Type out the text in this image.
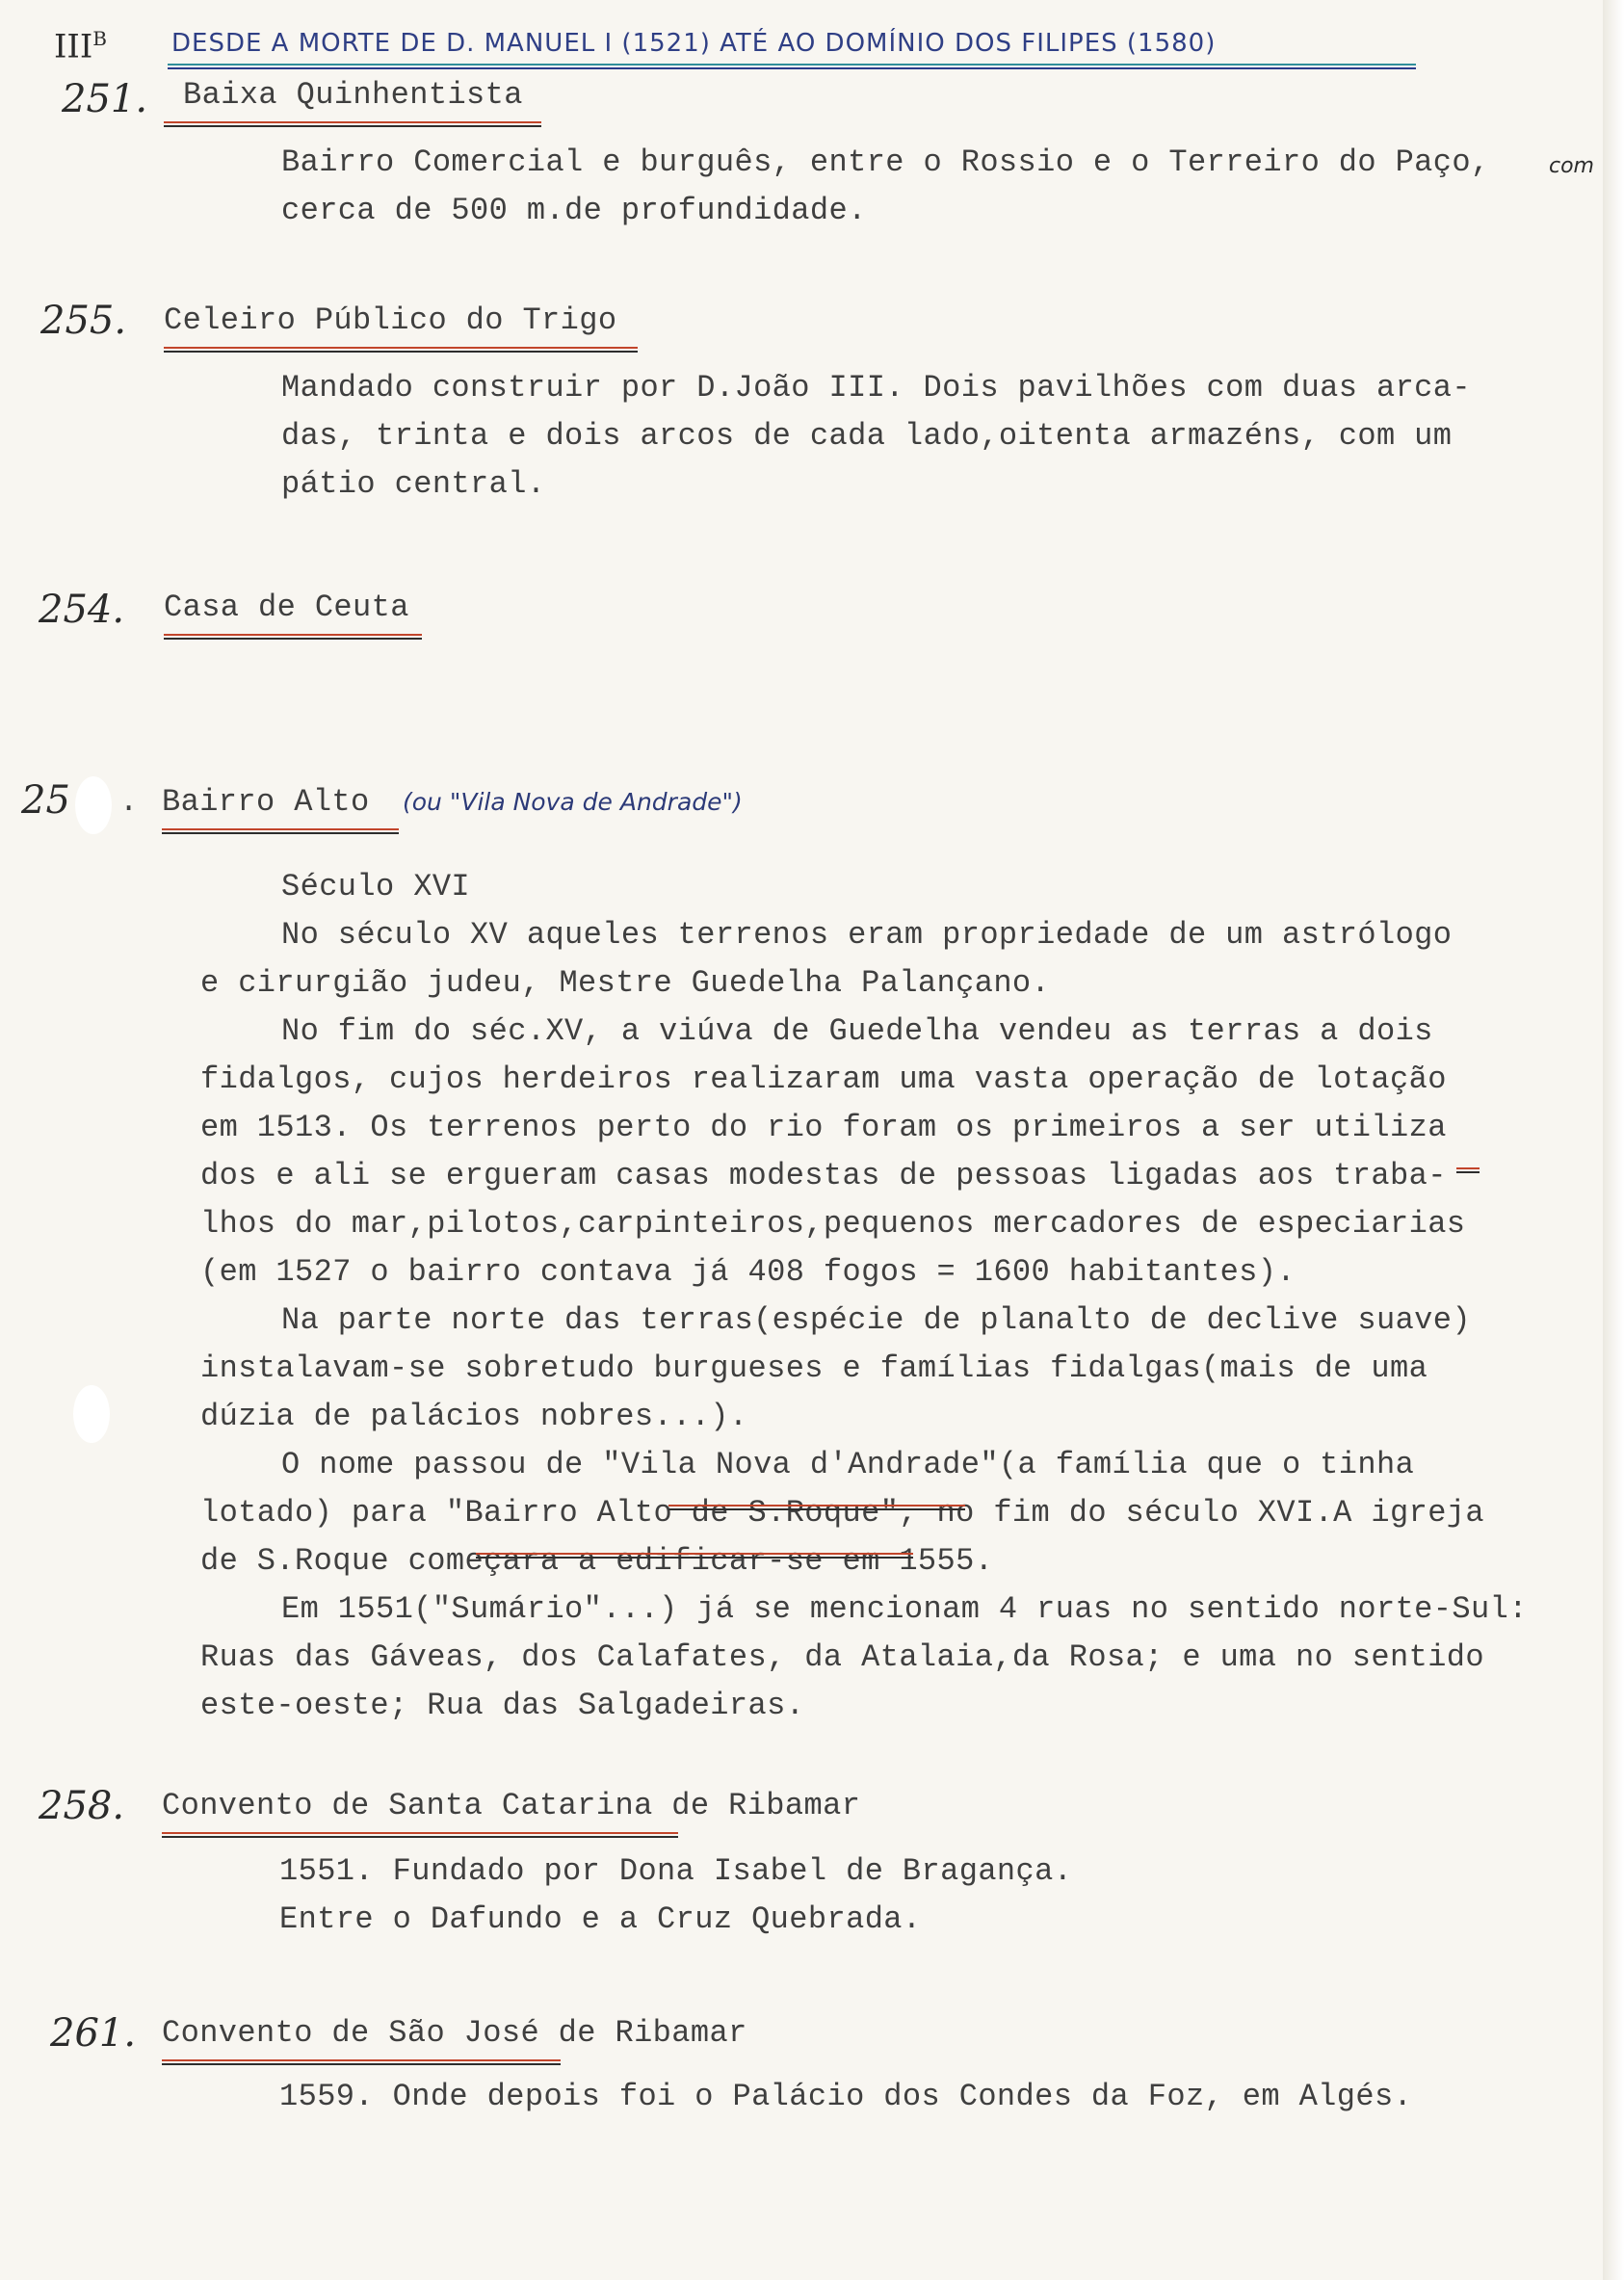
$III^B$	DESDE A MORTE DE D. MANUEL I (1521) ATÉ AO DOMÍNIO DOS FILIPES (1580)
251. Baixa Quinhentista

Bairro Comercial e burguês, entre o Rossio e o Terreiro do Paço,

cerca de 500 m.de profundidade.

com
255. Celeiro Público do Trigo

Mandado construir por D.João III. Dois pavilhões com duas arca-

das, trinta e dois arcos de cada lado,oitenta armazéns, com um

pátio central.

254. Casa de Ceuta
25 . Bairro Alto (ou "Vila Nova de Andrade")

Século XVI

No século XV aqueles terrenos eram propriedade de um astrólogo

e cirurgião judeu, Mestre Guedelha Palançano.

No fim do séc.XV, a viúva de Guedelha vendeu as terras a dois

fidalgos, cujos herdeiros realizaram uma vasta operação de lotação

em 1513. Os terrenos perto do rio foram os primeiros a ser utiliza

dos e ali se ergueram casas modestas de pessoas ligadas aos traba-

lhos do mar,pilotos,carpinteiros,pequenos mercadores de especiarias

(em 1527 o bairro contava já 408 fogos = 1600 habitantes).

Na parte norte das terras(espécie de planalto de declive suave)

instalavam-se sobretudo burgueses e famílias fidalgas(mais de uma

dúzia de palácios nobres...).

O nome passou de "Vila Nova d'Andrade"(a família que o tinha

lotado) para "Bairro Alto de S.Roque", no fim do século XVI.A igreja

de S.Roque começara a edificar-se em 1555.

Em 1551("Sumário"...) já se mencionam 4 ruas no sentido norte-Sul:

Ruas das Gáveas, dos Calafates, da Atalaia,da Rosa; e uma no sentido

este-oeste; Rua das Salgadeiras.

258. Convento de Santa Catarina de Ribamar

1551. Fundado por Dona Isabel de Bragança.

Entre o Dafundo e a Cruz Quebrada.

261. Convento de São José de Ribamar

1559. Onde depois foi o Palácio dos Condes da Foz, em Algés.
